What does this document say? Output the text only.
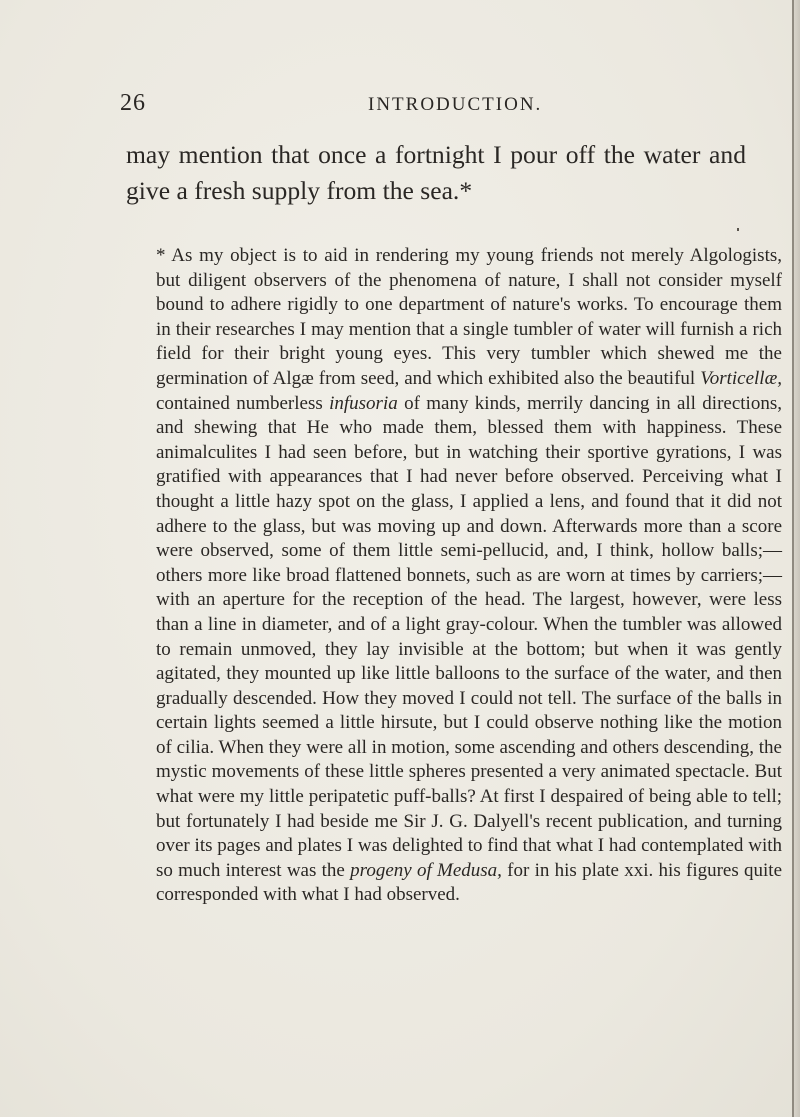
26	INTRODUCTION.

may mention that once a fortnight I pour off the water and give a fresh supply from the sea.*

* As my object is to aid in rendering my young friends not merely Algologists, but diligent observers of the phenomena of nature, I shall not consider myself bound to adhere rigidly to one department of nature's works. To encourage them in their researches I may mention that a single tumbler of water will furnish a rich field for their bright young eyes. This very tumbler which shewed me the germination of Algæ from seed, and which exhibited also the beautiful Vorticellæ, contained numberless infusoria of many kinds, merrily dancing in all directions, and shewing that He who made them, blessed them with happiness. These animalculites I had seen before, but in watching their sportive gyrations, I was gratified with appearances that I had never before observed. Perceiving what I thought a little hazy spot on the glass, I applied a lens, and found that it did not adhere to the glass, but was moving up and down. Afterwards more than a score were observed, some of them little semi-pellucid, and, I think, hollow balls;—others more like broad flattened bonnets, such as are worn at times by carriers;—with an aperture for the reception of the head. The largest, however, were less than a line in diameter, and of a light gray-colour. When the tumbler was allowed to remain unmoved, they lay invisible at the bottom; but when it was gently agitated, they mounted up like little balloons to the surface of the water, and then gradually descended. How they moved I could not tell. The surface of the balls in certain lights seemed a little hirsute, but I could observe nothing like the motion of cilia. When they were all in motion, some ascending and others descending, the mystic movements of these little spheres presented a very animated spectacle. But what were my little peripatetic puff-balls? At first I despaired of being able to tell; but fortunately I had beside me Sir J. G. Dalyell's recent publication, and turning over its pages and plates I was delighted to find that what I had contemplated with so much interest was the progeny of Medusa, for in his plate xxi. his figures quite corresponded with what I had observed.
